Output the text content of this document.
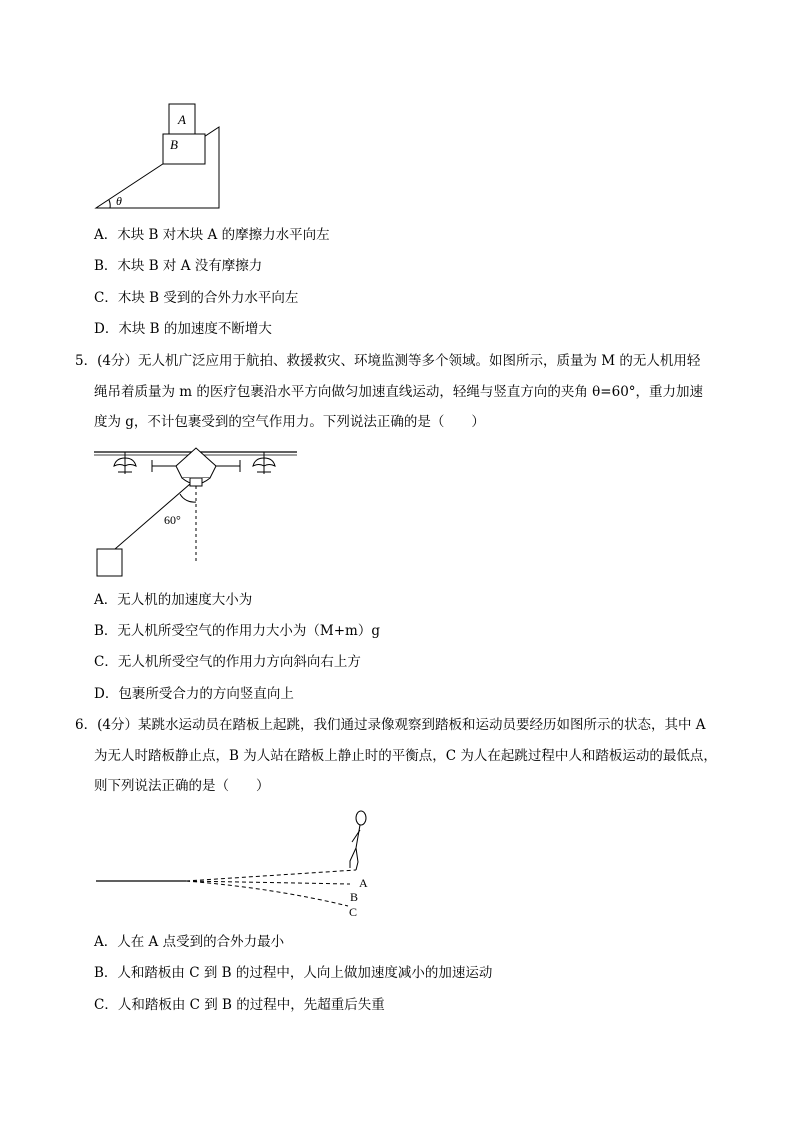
A
B
θ
A．木块 B 对木块 A 的摩擦力水平向左
B．木块 B 对 A 没有摩擦力
C．木块 B 受到的合外力水平向左
D．木块 B 的加速度不断增大
5．(4分）无人机广泛应用于航拍、救援救灾、环境监测等多个领域。如图所示，质量为 M 的无人机用轻
绳吊着质量为 m 的医疗包裹沿水平方向做匀加速直线运动，轻绳与竖直方向的夹角 θ=60°，重力加速
度为 g，不计包裹受到的空气作用力。下列说法正确的是（　　）
60°
A．无人机的加速度大小为
B．无人机所受空气的作用力大小为（M+m）g
C．无人机所受空气的作用力方向斜向右上方
D．包裹所受合力的方向竖直向上
6．(4分）某跳水运动员在踏板上起跳，我们通过录像观察到踏板和运动员要经历如图所示的状态，其中 A
为无人时踏板静止点，B 为人站在踏板上静止时的平衡点，C 为人在起跳过程中人和踏板运动的最低点，
则下列说法正确的是（　　）
A
B
C
A．人在 A 点受到的合外力最小
B．人和踏板由 C 到 B 的过程中，人向上做加速度减小的加速运动
C．人和踏板由 C 到 B 的过程中，先超重后失重
